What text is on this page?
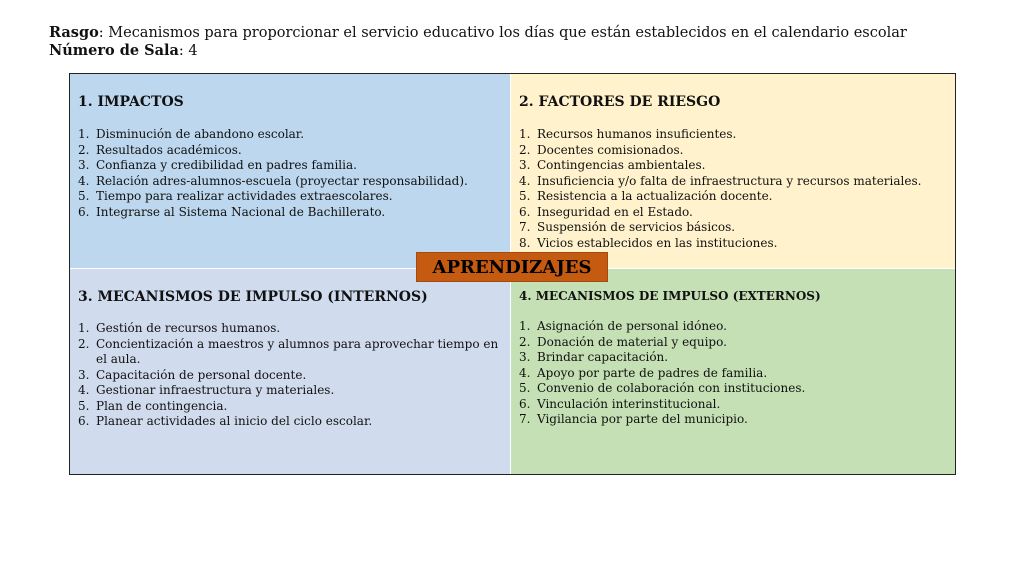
Rasgo: Mecanismos para proporcionar el servicio educativo los días que están establecidos en el calendario escolar
Número de Sala: 4
1. IMPACTOS
1. Disminución de abandono escolar.
2. Resultados académicos.
3. Confianza y credibilidad en padres familia.
4. Relación adres-alumnos-escuela (proyectar responsabilidad).
5. Tiempo para realizar actividades extraescolares.
6. Integrarse al Sistema Nacional de Bachillerato.
2. FACTORES DE RIESGO
1. Recursos humanos insuficientes.
2. Docentes comisionados.
3. Contingencias ambientales.
4. Insuficiencia y/o falta de infraestructura y recursos materiales.
5. Resistencia a la actualización docente.
6. Inseguridad en el Estado.
7. Suspensión de servicios básicos.
8. Vicios establecidos en las instituciones.
3. MECANISMOS DE IMPULSO (INTERNOS)
1. Gestión de recursos humanos.
2. Concientización a maestros y alumnos para aprovechar tiempo en el aula.
3. Capacitación de personal docente.
4. Gestionar infraestructura y materiales.
5. Plan de contingencia.
6. Planear actividades al inicio del ciclo escolar.
4. MECANISMOS DE IMPULSO (EXTERNOS)
1. Asignación de personal idóneo.
2. Donación de material y equipo.
3. Brindar capacitación.
4. Apoyo por parte de padres de familia.
5. Convenio de colaboración con instituciones.
6. Vinculación interinstitucional.
7. Vigilancia por parte del municipio.
APRENDIZAJES
